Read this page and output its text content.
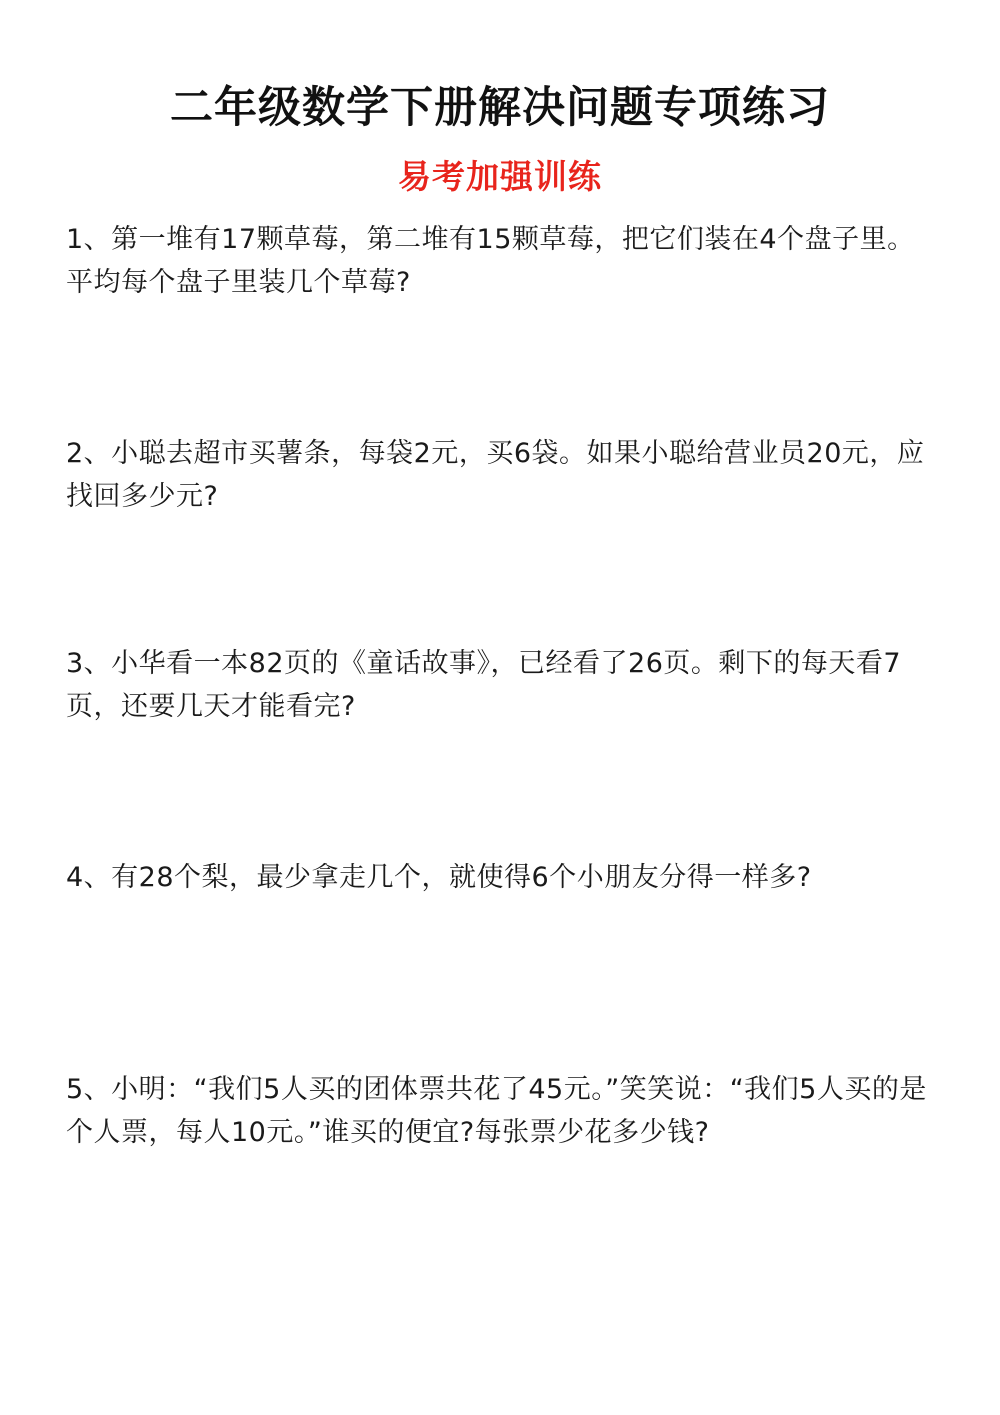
二年级数学下册解决问题专项练习
易考加强训练

1、第一堆有17颗草莓，第二堆有15颗草莓，把它们装在4个盘子里。平均每个盘子里装几个草莓?

2、小聪去超市买薯条，每袋2元，买6袋。如果小聪给营业员20元，应找回多少元?

3、小华看一本82页的《童话故事》，已经看了26页。剩下的每天看7页，还要几天才能看完?

4、有28个梨，最少拿走几个，就使得6个小朋友分得一样多?

5、小明：“我们5人买的团体票共花了45元。”笑笑说：“我们5人买的是个人票，每人10元。”谁买的便宜?每张票少花多少钱?
